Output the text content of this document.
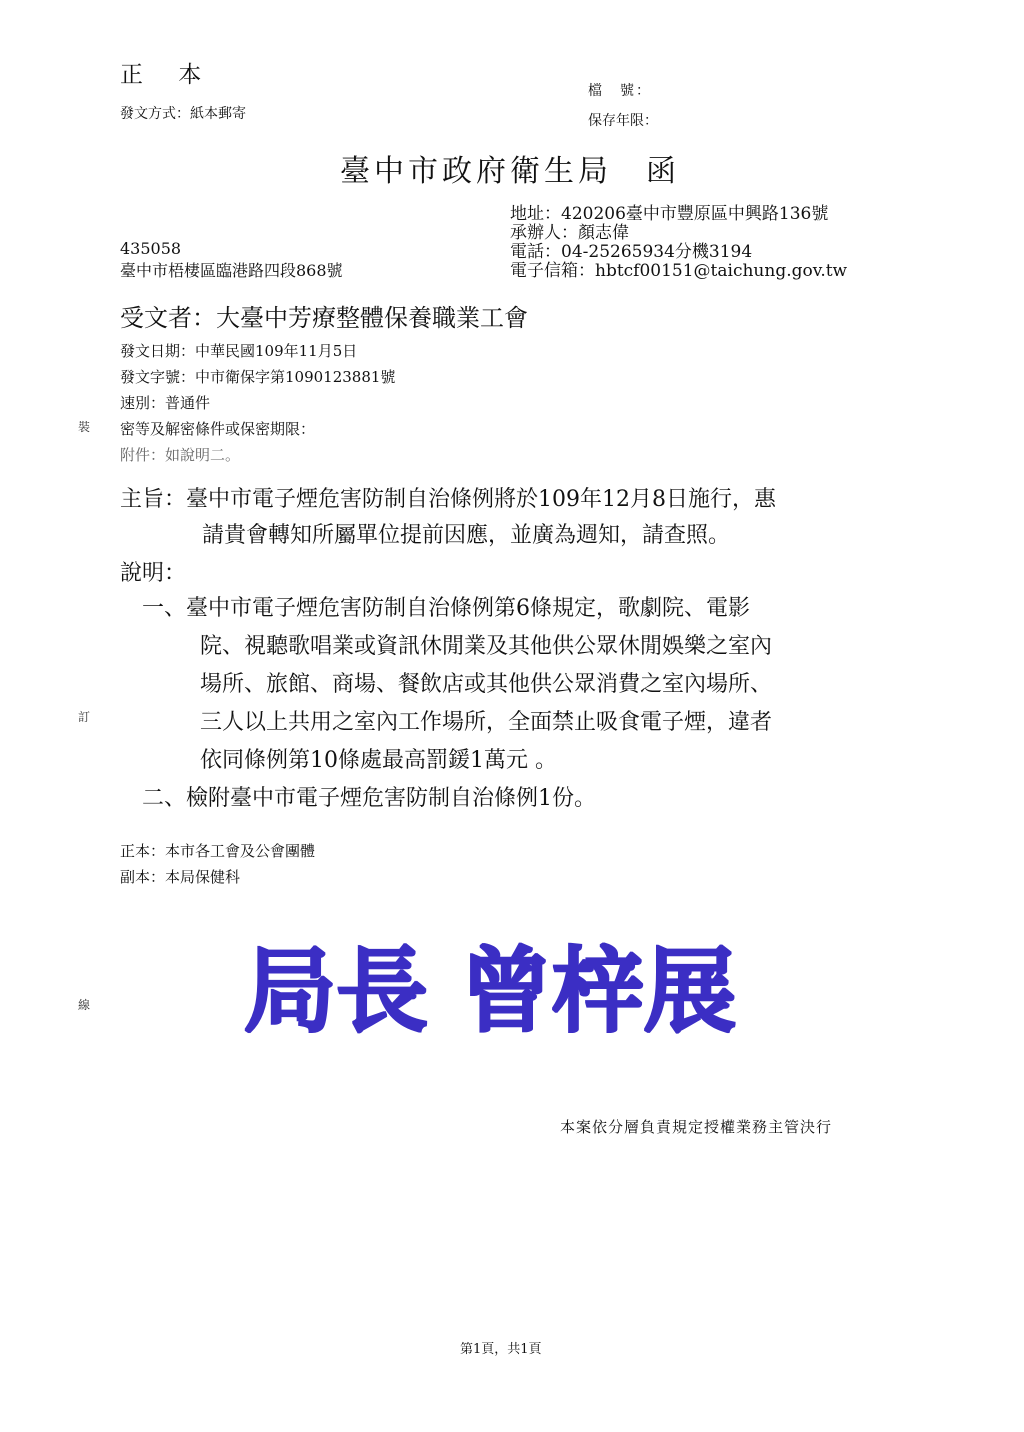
正 本
發文方式：紙本郵寄
檔　號：
保存年限：
臺中市政府衛生局 函
地址：420206臺中市豐原區中興路136號
承辦人：顏志偉
電話：04-25265934分機3194
電子信箱：hbtcf00151@taichung.gov.tw
435058
臺中市梧棲區臨港路四段868號
受文者：大臺中芳療整體保養職業工會
發文日期：中華民國109年11月5日
發文字號：中市衛保字第1090123881號
速別：普通件
密等及解密條件或保密期限：
附件：如說明二。
裝
訂
線
主旨：臺中市電子煙危害防制自治條例將於109年12月8日施行，惠
請貴會轉知所屬單位提前因應，並廣為週知，請查照。
說明：
一、臺中市電子煙危害防制自治條例第6條規定，歌劇院、電影
院、視聽歌唱業或資訊休閒業及其他供公眾休閒娛樂之室內
場所、旅館、商場、餐飲店或其他供公眾消費之室內場所、
三人以上共用之室內工作場所，全面禁止吸食電子煙，違者
依同條例第10條處最高罰鍰1萬元 。
二、檢附臺中市電子煙危害防制自治條例1份。
正本：本市各工會及公會團體
副本：本局保健科
局長 曾梓展
本案依分層負責規定授權業務主管決行
第1頁，共1頁
